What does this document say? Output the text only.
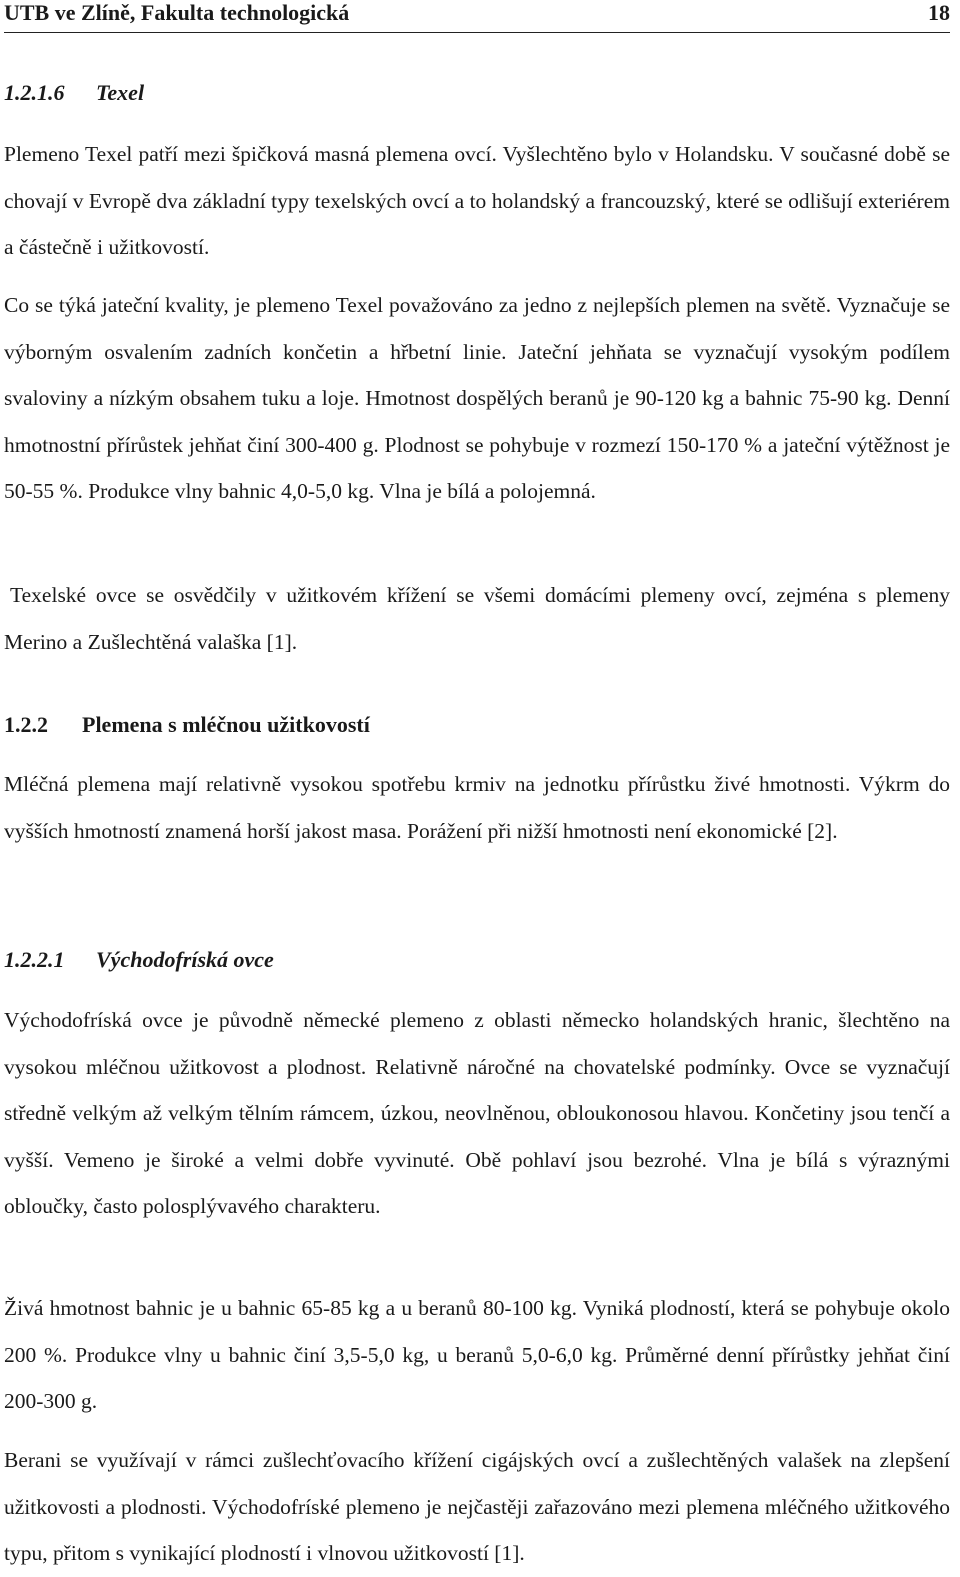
UTB ve Zlíně, Fakulta technologická	18
1.2.1.6 Texel
Plemeno Texel patří mezi špičková masná plemena ovcí. Vyšlechtěno bylo v Holandsku. V současné době se chovají v Evropě dva základní typy texelských ovcí a to holandský a francouzský, které se odlišují exteriérem a částečně i užitkovostí.
Co se týká jateční kvality, je plemeno Texel považováno za jedno z nejlepších plemen na světě. Vyznačuje se výborným osvalením zadních končetin a hřbetní linie. Jateční jehňata se vyznačují vysokým podílem svaloviny a nízkým obsahem tuku a loje. Hmotnost dospělých beranů je 90-120 kg a bahnic 75-90 kg. Denní hmotnostní přírůstek jehňat činí 300-400 g. Plodnost se pohybuje v rozmezí 150-170 % a jateční výtěžnost je 50-55 %. Produkce vlny bahnic 4,0-5,0 kg. Vlna je bílá a polojemná.
Texelské ovce se osvědčily v užitkovém křížení se všemi domácími plemeny ovcí, zejména s plemeny Merino a Zušlechtěná valaška [1].
1.2.2 Plemena s mléčnou užitkovostí
Mléčná plemena mají relativně vysokou spotřebu krmiv na jednotku přírůstku živé hmotnosti. Výkrm do vyšších hmotností znamená horší jakost masa. Porážení při nižší hmotnosti není ekonomické [2].
1.2.2.1 Východofríská ovce
Východofríská ovce je původně německé plemeno z oblasti německo holandských hranic, šlechtěno na vysokou mléčnou užitkovost a plodnost. Relativně náročné na chovatelské podmínky. Ovce se vyznačují středně velkým až velkým tělním rámcem, úzkou, neovlněnou, obloukonosou hlavou. Končetiny jsou tenčí a vyšší. Vemeno je široké a velmi dobře vyvinuté. Obě pohlaví jsou bezrohé. Vlna je bílá s výraznými obloučky, často polosplývavého charakteru.
Živá hmotnost bahnic je u bahnic 65-85 kg a u beranů 80-100 kg. Vyniká plodností, která se pohybuje okolo 200 %. Produkce vlny u bahnic činí 3,5-5,0 kg, u beranů 5,0-6,0 kg. Průměrné denní přírůstky jehňat činí 200-300 g.
Berani se využívají v rámci zušlechťovacího křížení cigájských ovcí a zušlechtěných valašek na zlepšení užitkovosti a plodnosti. Východofríské plemeno je nejčastěji zařazováno mezi plemena mléčného užitkového typu, přitom s vynikající plodností i vlnovou užitkovostí [1].
